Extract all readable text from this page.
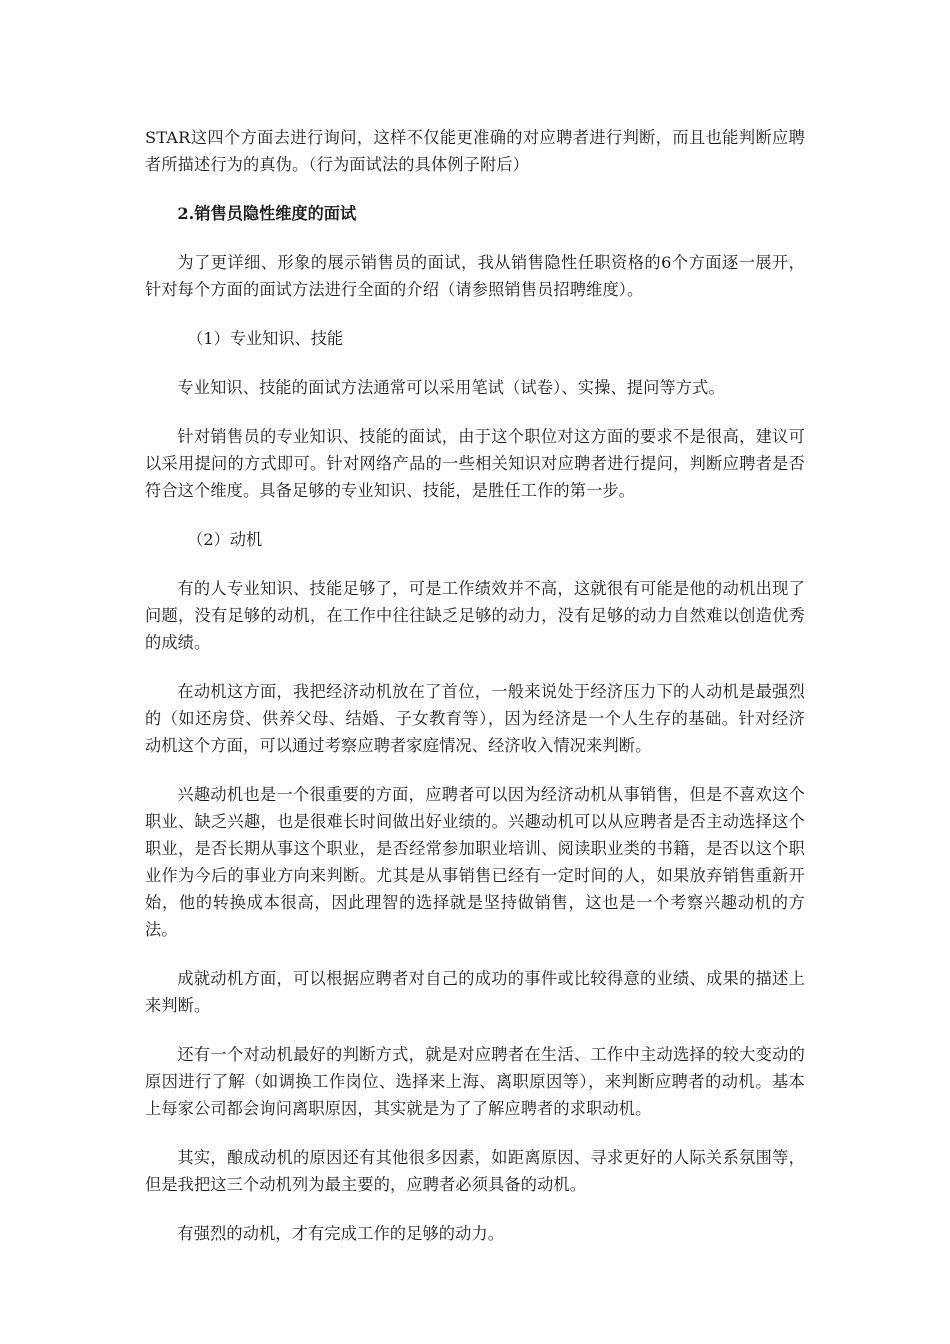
STAR这四个方面去进行询问，这样不仅能更准确的对应聘者进行判断，而且也能判断应聘者所描述行为的真伪。（行为面试法的具体例子附后）

2.销售员隐性维度的面试

为了更详细、形象的展示销售员的面试，我从销售隐性任职资格的6个方面逐一展开，针对每个方面的面试方法进行全面的介绍（请参照销售员招聘维度）。

（1）专业知识、技能

专业知识、技能的面试方法通常可以采用笔试（试卷）、实操、提问等方式。

针对销售员的专业知识、技能的面试，由于这个职位对这方面的要求不是很高，建议可以采用提问的方式即可。针对网络产品的一些相关知识对应聘者进行提问，判断应聘者是否符合这个维度。具备足够的专业知识、技能，是胜任工作的第一步。

（2）动机

有的人专业知识、技能足够了，可是工作绩效并不高，这就很有可能是他的动机出现了问题，没有足够的动机，在工作中往往缺乏足够的动力，没有足够的动力自然难以创造优秀的成绩。

在动机这方面，我把经济动机放在了首位，一般来说处于经济压力下的人动机是最强烈的（如还房贷、供养父母、结婚、子女教育等），因为经济是一个人生存的基础。针对经济动机这个方面，可以通过考察应聘者家庭情况、经济收入情况来判断。

兴趣动机也是一个很重要的方面，应聘者可以因为经济动机从事销售，但是不喜欢这个职业、缺乏兴趣，也是很难长时间做出好业绩的。兴趣动机可以从应聘者是否主动选择这个职业，是否长期从事这个职业，是否经常参加职业培训、阅读职业类的书籍，是否以这个职业作为今后的事业方向来判断。尤其是从事销售已经有一定时间的人，如果放弃销售重新开始，他的转换成本很高，因此理智的选择就是坚持做销售，这也是一个考察兴趣动机的方法。

成就动机方面，可以根据应聘者对自己的成功的事件或比较得意的业绩、成果的描述上来判断。

还有一个对动机最好的判断方式，就是对应聘者在生活、工作中主动选择的较大变动的原因进行了解（如调换工作岗位、选择来上海、离职原因等），来判断应聘者的动机。基本上每家公司都会询问离职原因，其实就是为了了解应聘者的求职动机。

其实，酿成动机的原因还有其他很多因素，如距离原因、寻求更好的人际关系氛围等，但是我把这三个动机列为最主要的，应聘者必须具备的动机。

有强烈的动机，才有完成工作的足够的动力。
